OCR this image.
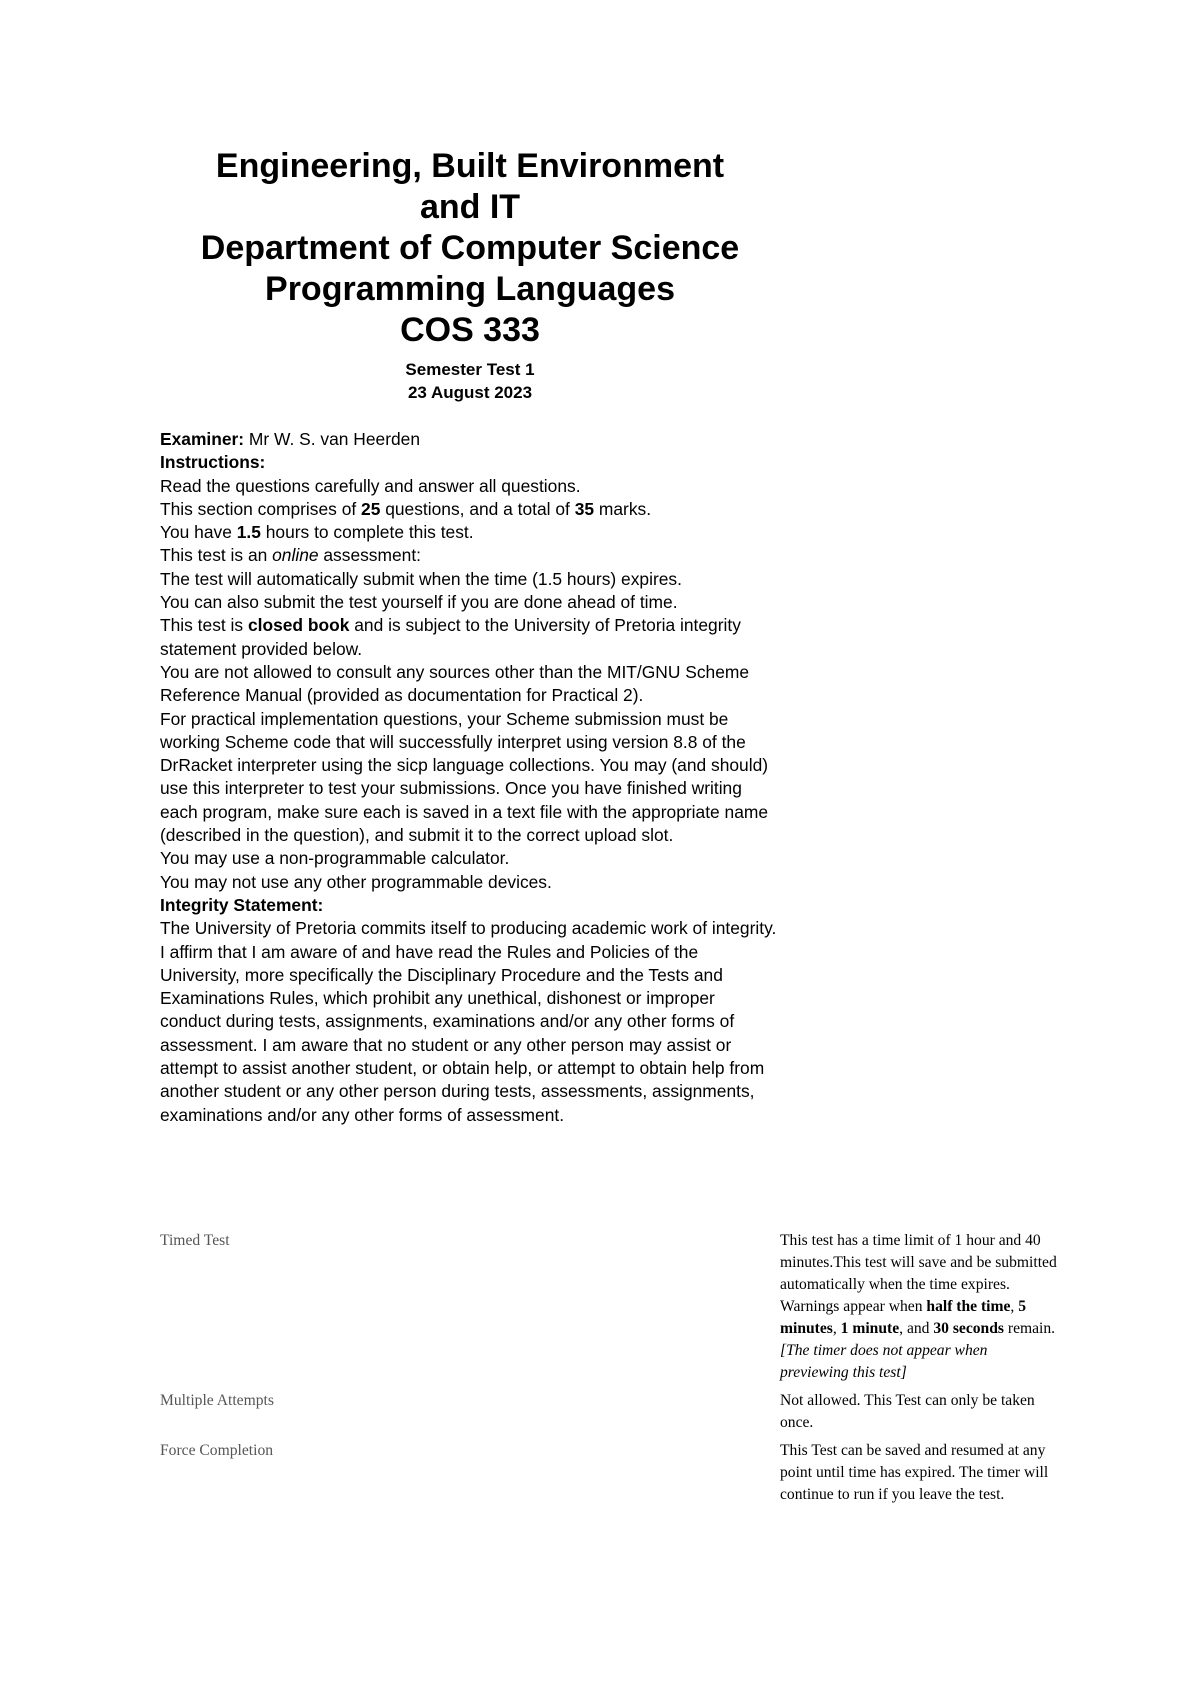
Engineering, Built Environment
and IT
Department of Computer Science
Programming Languages
COS 333
Semester Test 1
23 August 2023

Examiner: Mr W. S. van Heerden

Instructions:

Read the questions carefully and answer all questions.

This section comprises of 25 questions, and a total of 35 marks.

You have 1.5 hours to complete this test.

This test is an online assessment:

The test will automatically submit when the time (1.5 hours) expires.

You can also submit the test yourself if you are done ahead of time.

This test is closed book and is subject to the University of Pretoria integrity statement provided below.

You are not allowed to consult any sources other than the MIT/GNU Scheme Reference Manual (provided as documentation for Practical 2).

For practical implementation questions, your Scheme submission must be working Scheme code that will successfully interpret using version 8.8 of the DrRacket interpreter using the sicp language collections. You may (and should) use this interpreter to test your submissions. Once you have finished writing each program, make sure each is saved in a text file with the appropriate name (described in the question), and submit it to the correct upload slot.

You may use a non-programmable calculator.

You may not use any other programmable devices.

Integrity Statement:

The University of Pretoria commits itself to producing academic work of integrity. I affirm that I am aware of and have read the Rules and Policies of the University, more specifically the Disciplinary Procedure and the Tests and Examinations Rules, which prohibit any unethical, dishonest or improper conduct during tests, assignments, examinations and/or any other forms of assessment. I am aware that no student or any other person may assist or attempt to assist another student, or obtain help, or attempt to obtain help from another student or any other person during tests, assessments, assignments, examinations and/or any other forms of assessment.

Timed Test	This test has a time limit of 1 hour and 40 minutes.This test will save and be submitted automatically when the time expires.
Warnings appear when half the time, 5 minutes, 1 minute, and 30 seconds remain.[The timer does not appear when previewing this test]
Multiple Attempts	Not allowed. This Test can only be taken once.
Force Completion	This Test can be saved and resumed at any point until time has expired. The timer will continue to run if you leave the test.
